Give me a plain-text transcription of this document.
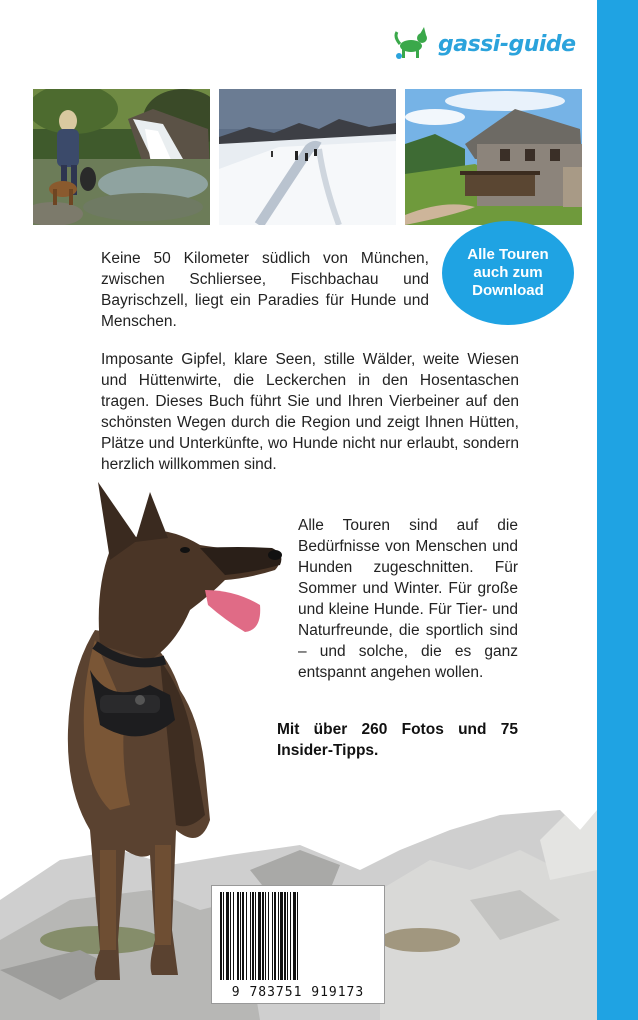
gassi-guide
Alle Touren auch zum Download

Keine 50 Kilometer südlich von München, zwischen Schliersee, Fischbachau und Bayrischzell, liegt ein Paradies für Hunde und Menschen.

Imposante Gipfel, klare Seen, stille Wälder, weite Wiesen und Hüttenwirte, die Leckerchen in den Hosentaschen tragen. Dieses Buch führt Sie und Ihren Vierbeiner auf den schönsten Wegen durch die Region und zeigt Ihnen Hütten, Plätze und Unterkünfte, wo Hunde nicht nur erlaubt, sondern herzlich willkommen sind.

Alle Touren sind auf die Bedürfnisse von Menschen und Hunden zugeschnitten. Für Sommer und Winter. Für große und kleine Hunde. Für Tier- und Naturfreunde, die sportlich sind – und solche, die es ganz entspannt angehen wollen.

Mit über 260 Fotos und 75 Insider-Tipps.

9 783751 919173
